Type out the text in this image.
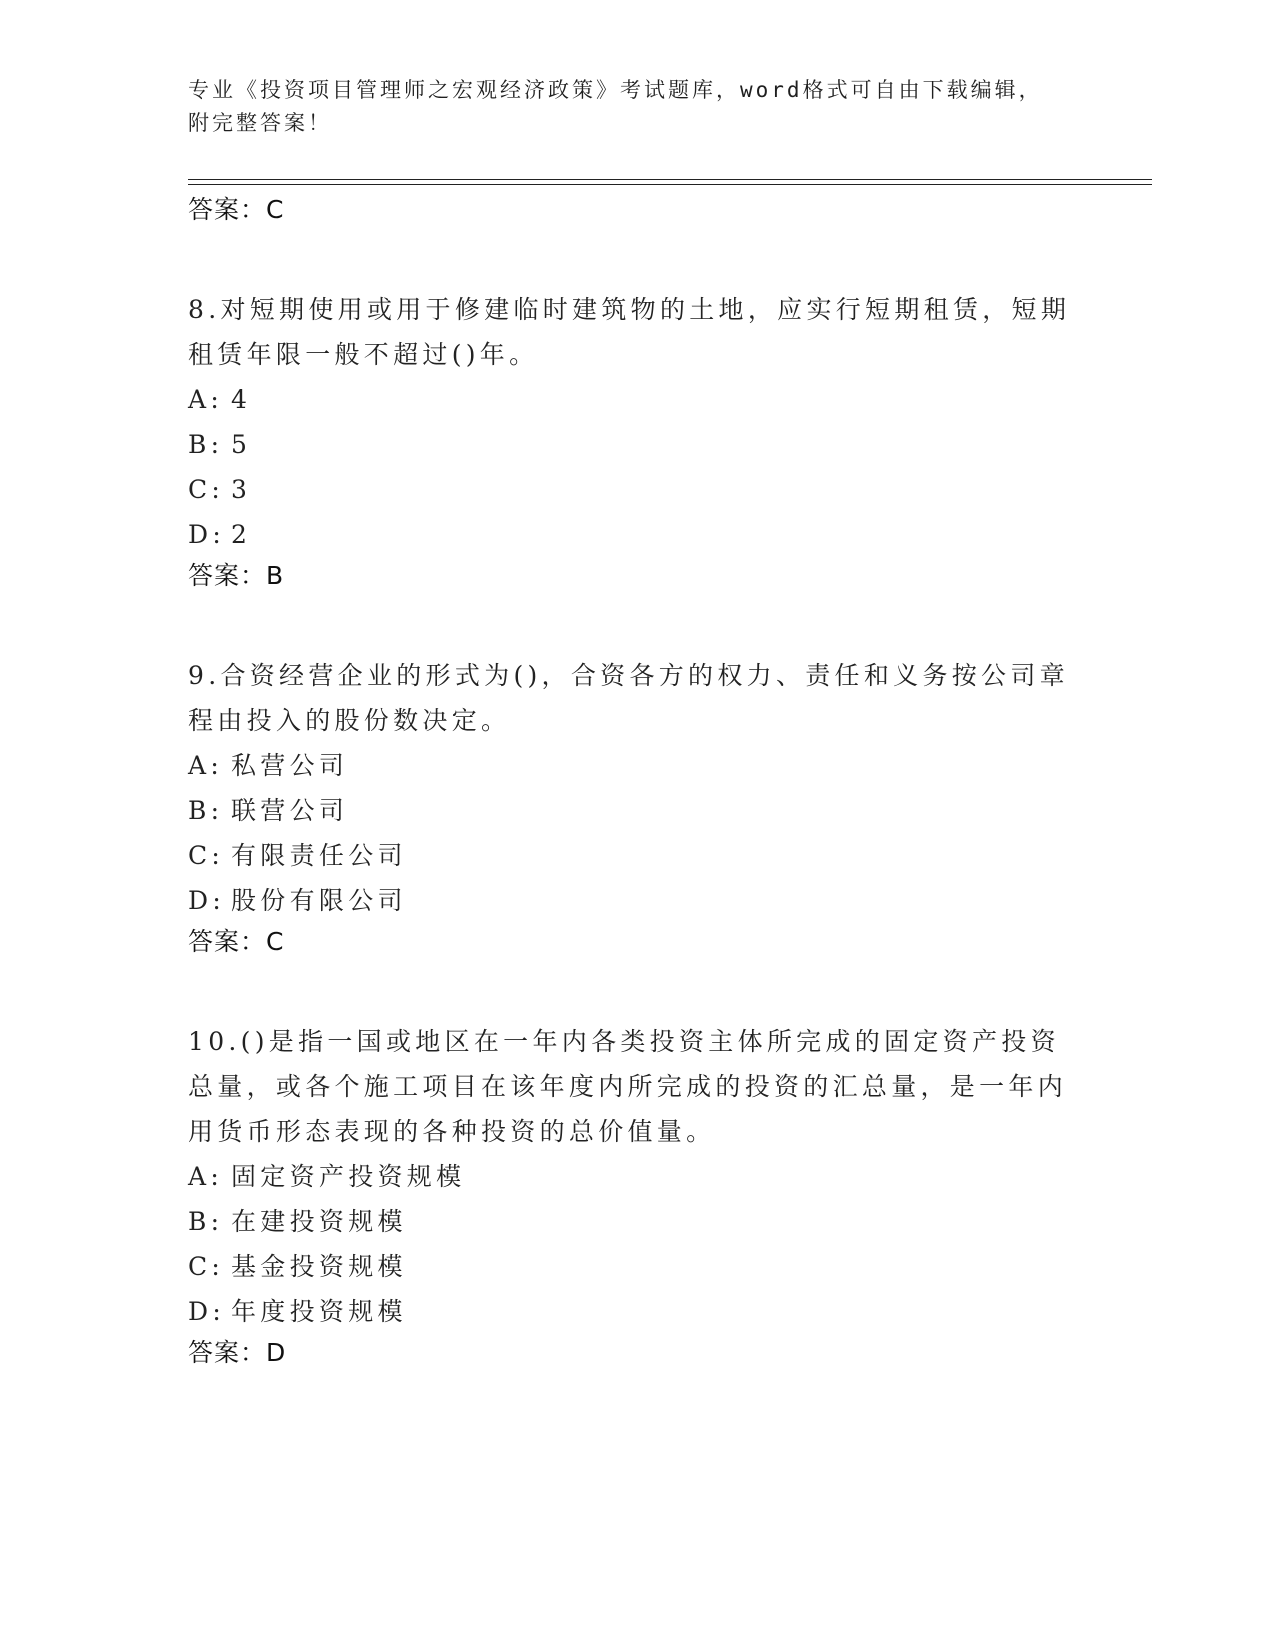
专业《投资项目管理师之宏观经济政策》考试题库，word格式可自由下载编辑，
附完整答案！
答案：C
8.对短期使用或用于修建临时建筑物的土地，应实行短期租赁，短期租赁年限一般不超过()年。
A: 4
B: 5
C: 3
D: 2
答案：B
9.合资经营企业的形式为()，合资各方的权力、责任和义务按公司章程由投入的股份数决定。
A: 私营公司
B: 联营公司
C: 有限责任公司
D: 股份有限公司
答案：C
10.()是指一国或地区在一年内各类投资主体所完成的固定资产投资总量，或各个施工项目在该年度内所完成的投资的汇总量，是一年内用货币形态表现的各种投资的总价值量。
A: 固定资产投资规模
B: 在建投资规模
C: 基金投资规模
D: 年度投资规模
答案：D
